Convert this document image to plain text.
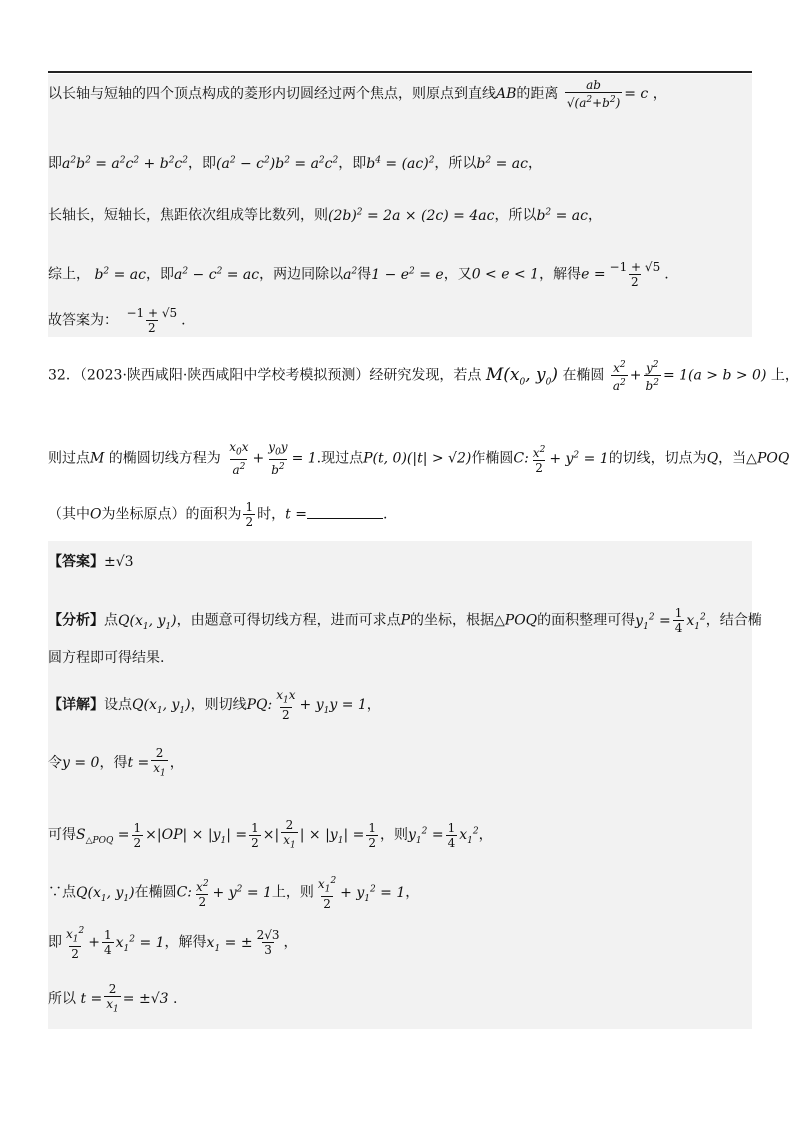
以长轴与短轴的四个顶点构成的菱形内切圆经过两个焦点，则原点到直线AB的距离 $\frac{ab}{√(a^2+b^2)} = c$ ，
即$a^2b^2 = a^2c^2 + b^2c^2$，即$(a^2 - c^2)b^2 = a^2c^2$，即$b^4 = (ac)^2$，所以$b^2$ = ac，
长轴长，短轴长，焦距依次组成等比数列，则$(2b)^2 = 2a \times (2c) = 4ac$，所以$b^2$ = ac，
综上， $b^2$ = ac，即$a^2 - c^2$ = ac，两边同除以$a^2$得$1 - e^2 = e$，又0 < e < 1，解得$e = \frac{-1 + √5}{2}$ .
故答案为： $\frac{-1 + √5}{2}$ .
32．（2023·陕西咸阳·陕西咸阳中学校考模拟预测）经研究发现，若点 $M(x_0$, $y_0$) 在椭圆 $\frac{x^2}{a^2} + \frac{y^2}{b^2} = 1(a > b > 0)$ 上，
则过点M 的椭圆切线方程为 $\frac{x_0x}{a^2} + \frac{y_0y}{b^2} = 1$.现过点P(t, 0)(|t| > √2)作椭圆C: $\frac{x^2}{2} + y^2 = 1$的切线，切点为Q，当△POQ
（其中O为坐标原点）的面积为 $\frac{1}{2}$ 时，t =	.
【答案】±√3
【分析】点$Q(x_1$, $y_1$)，由题意可得切线方程，进而可求点P的坐标，根据△POQ的面积整理可得$y_1^2 = \frac{1}{4} x_1^2$，结合椭
圆方程即可得结果.
【详解】设点$Q(x_1$, $y_1$)，则切线PQ: $\frac{x_1x}{2} + y_1y = 1$，
令y = 0，得$t = \frac{2}{x_1}$ ，
可得$S_{\triangle POQ} = \frac{1}{2} \times|OP| \times |y_1| = \frac{1}{2}$ ×| $\frac{2}{x_1}$ | × $|y_1| = \frac{1}{2}$ ，则$y_1^2 = \frac{1}{4} x_1^2$，
∵点$Q(x_1$, $y_1$)在椭圆C: $\frac{x^2}{2} + y^2 = 1$上，则 $\frac{x_1^2}{2} + y_1^2 = 1$，
即 $\frac{x_1^2}{2} + \frac{1}{4} x_1^2 = 1$，解得$x_1$ = ± $\frac{2√3}{3}$ ，
所以 $t = \frac{2}{x_1} = \pm√3$ .
